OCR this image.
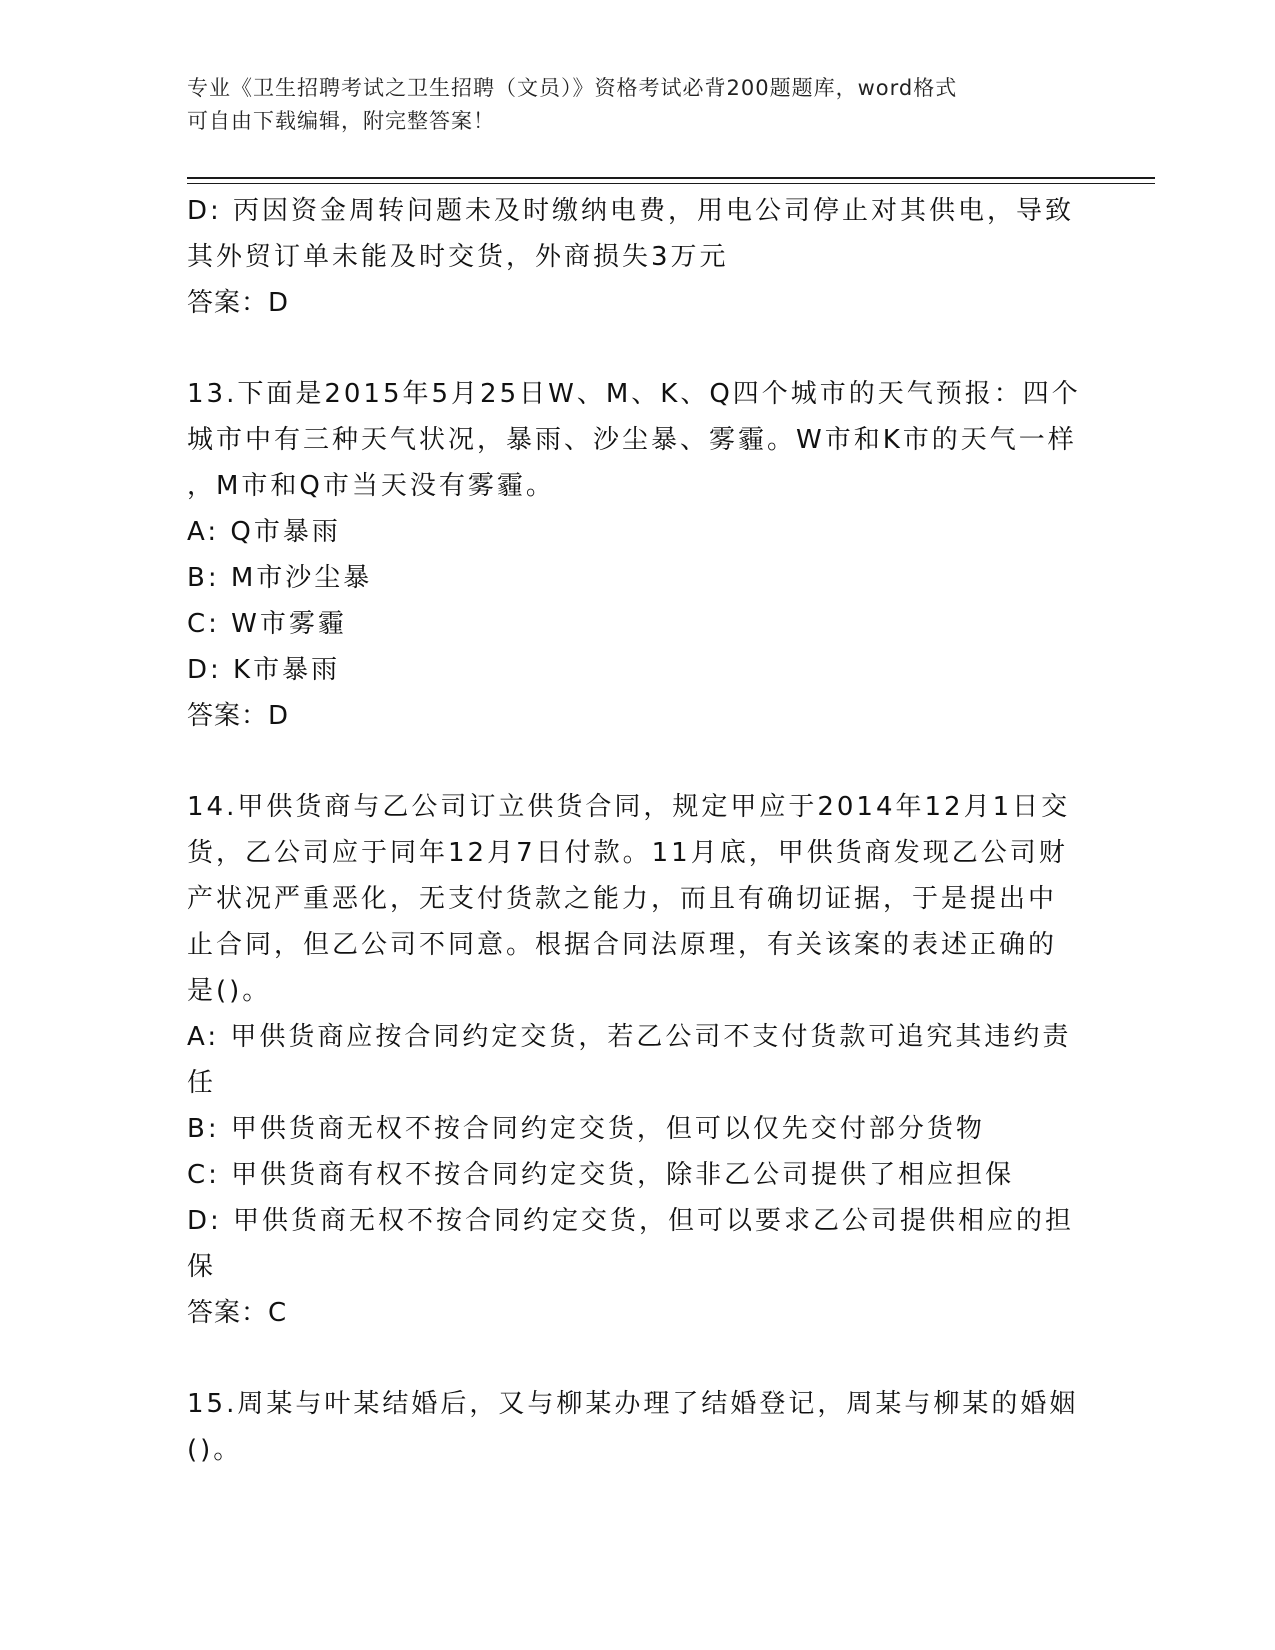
专业《卫生招聘考试之卫生招聘（文员）》资格考试必背200题题库，word格式
可自由下载编辑，附完整答案！
D: 丙因资金周转问题未及时缴纳电费，用电公司停止对其供电，导致
其外贸订单未能及时交货，外商损失3万元
答案：D
13.下面是2015年5月25日W、M、K、Q四个城市的天气预报：四个
城市中有三种天气状况，暴雨、沙尘暴、雾霾。W市和K市的天气一样
，M市和Q市当天没有雾霾。
A: Q市暴雨
B: M市沙尘暴
C: W市雾霾
D: K市暴雨
答案：D
14.甲供货商与乙公司订立供货合同，规定甲应于2014年12月1日交
货，乙公司应于同年12月7日付款。11月底，甲供货商发现乙公司财
产状况严重恶化，无支付货款之能力，而且有确切证据，于是提出中
止合同，但乙公司不同意。根据合同法原理，有关该案的表述正确的
是()。
A: 甲供货商应按合同约定交货，若乙公司不支付货款可追究其违约责
任
B: 甲供货商无权不按合同约定交货，但可以仅先交付部分货物
C: 甲供货商有权不按合同约定交货，除非乙公司提供了相应担保
D: 甲供货商无权不按合同约定交货，但可以要求乙公司提供相应的担
保
答案：C
15.周某与叶某结婚后，又与柳某办理了结婚登记，周某与柳某的婚姻
()。
